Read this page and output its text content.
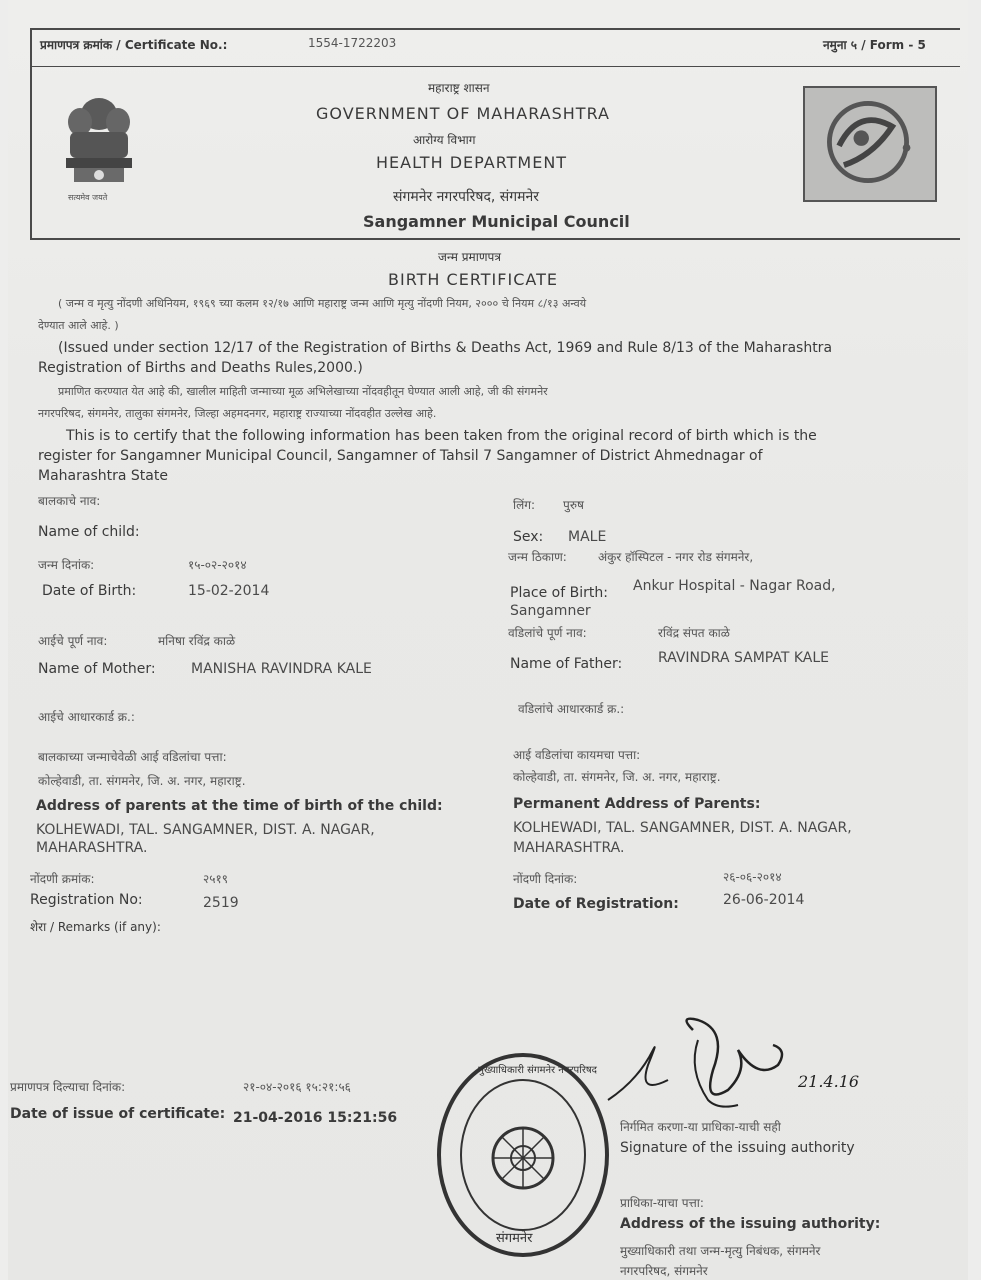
प्रमाणपत्र क्रमांक / Certificate No.:	1554-1722203	नमुना ५ / Form - 5
सत्यमेव जयते
महाराष्ट्र शासन
GOVERNMENT OF MAHARASHTRA
आरोग्य विभाग
HEALTH DEPARTMENT
संगमनेर नगरपरिषद, संगमनेर
Sangamner Municipal Council
जन्म प्रमाणपत्र
BIRTH CERTIFICATE
( जन्म व मृत्यु नोंदणी अधिनियम, १९६९ च्या कलम १२/१७ आणि महाराष्ट्र जन्म आणि मृत्यु नोंदणी नियम, २००० चे नियम ८/१३ अन्वये
देण्यात आले आहे. )
(Issued under section 12/17 of the Registration of Births & Deaths Act, 1969 and Rule 8/13 of the Maharashtra
Registration of Births and Deaths Rules,2000.)
प्रमाणित करण्यात येत आहे की, खालील माहिती जन्माच्या मूळ अभिलेखाच्या नोंदवहीतून घेण्यात आली आहे, जी की संगमनेर
नगरपरिषद, संगमनेर, तालुका संगमनेर, जिल्हा अहमदनगर, महाराष्ट्र राज्याच्या नोंदवहीत उल्लेख आहे.
This is to certify that the following information has been taken from the original record of birth which is the
register for Sangamner Municipal Council, Sangamner of Tahsil 7 Sangamner of District Ahmednagar of
Maharashtra State
बालकाचे नाव:
Name of child:
लिंग: पुरुष
Sex: MALE
जन्म दिनांक:	१५-०२-२०१४
Date of Birth:	15-02-2014
जन्म ठिकाण:	अंकुर हॉस्पिटल - नगर रोड संगमनेर,
Place of Birth: Ankur Hospital - Nagar Road,
Sangamner
आईचे पूर्ण नाव:	मनिषा रविंद्र काळे
Name of Mother:	MANISHA RAVINDRA KALE
वडिलांचे पूर्ण नाव:	रविंद्र संपत काळे
Name of Father:	RAVINDRA SAMPAT KALE
आईचे आधारकार्ड क्र.:
वडिलांचे आधारकार्ड क्र.:
बालकाच्या जन्माचेवेळी आई वडिलांचा पत्ता:
कोल्हेवाडी, ता. संगमनेर, जि. अ. नगर, महाराष्ट्र.
Address of parents at the time of birth of the child:
KOLHEWADI, TAL. SANGAMNER, DIST. A. NAGAR,
MAHARASHTRA.
आई वडिलांचा कायमचा पत्ता:
कोल्हेवाडी, ता. संगमनेर, जि. अ. नगर, महाराष्ट्र.
Permanent Address of Parents:
KOLHEWADI, TAL. SANGAMNER, DIST. A. NAGAR,
MAHARASHTRA.
नोंदणी क्रमांक:	२५१९
Registration No:	2519
नोंदणी दिनांक:	२६-०६-२०१४
Date of Registration:	26-06-2014
शेरा / Remarks (if any):
प्रमाणपत्र दिल्याचा दिनांक:	२१-०४-२०१६ १५:२१:५६
Date of issue of certificate: 21-04-2016 15:21:56
मुख्याधिकारी संगमनेर नगरपरिषद
संगमनेर
21.4.16
निर्गमित करणा-या प्राधिका-याची सही
Signature of the issuing authority
प्राधिका-याचा पत्ता:
Address of the issuing authority:
मुख्याधिकारी तथा जन्म-मृत्यु निबंधक, संगमनेर
नगरपरिषद, संगमनेर
